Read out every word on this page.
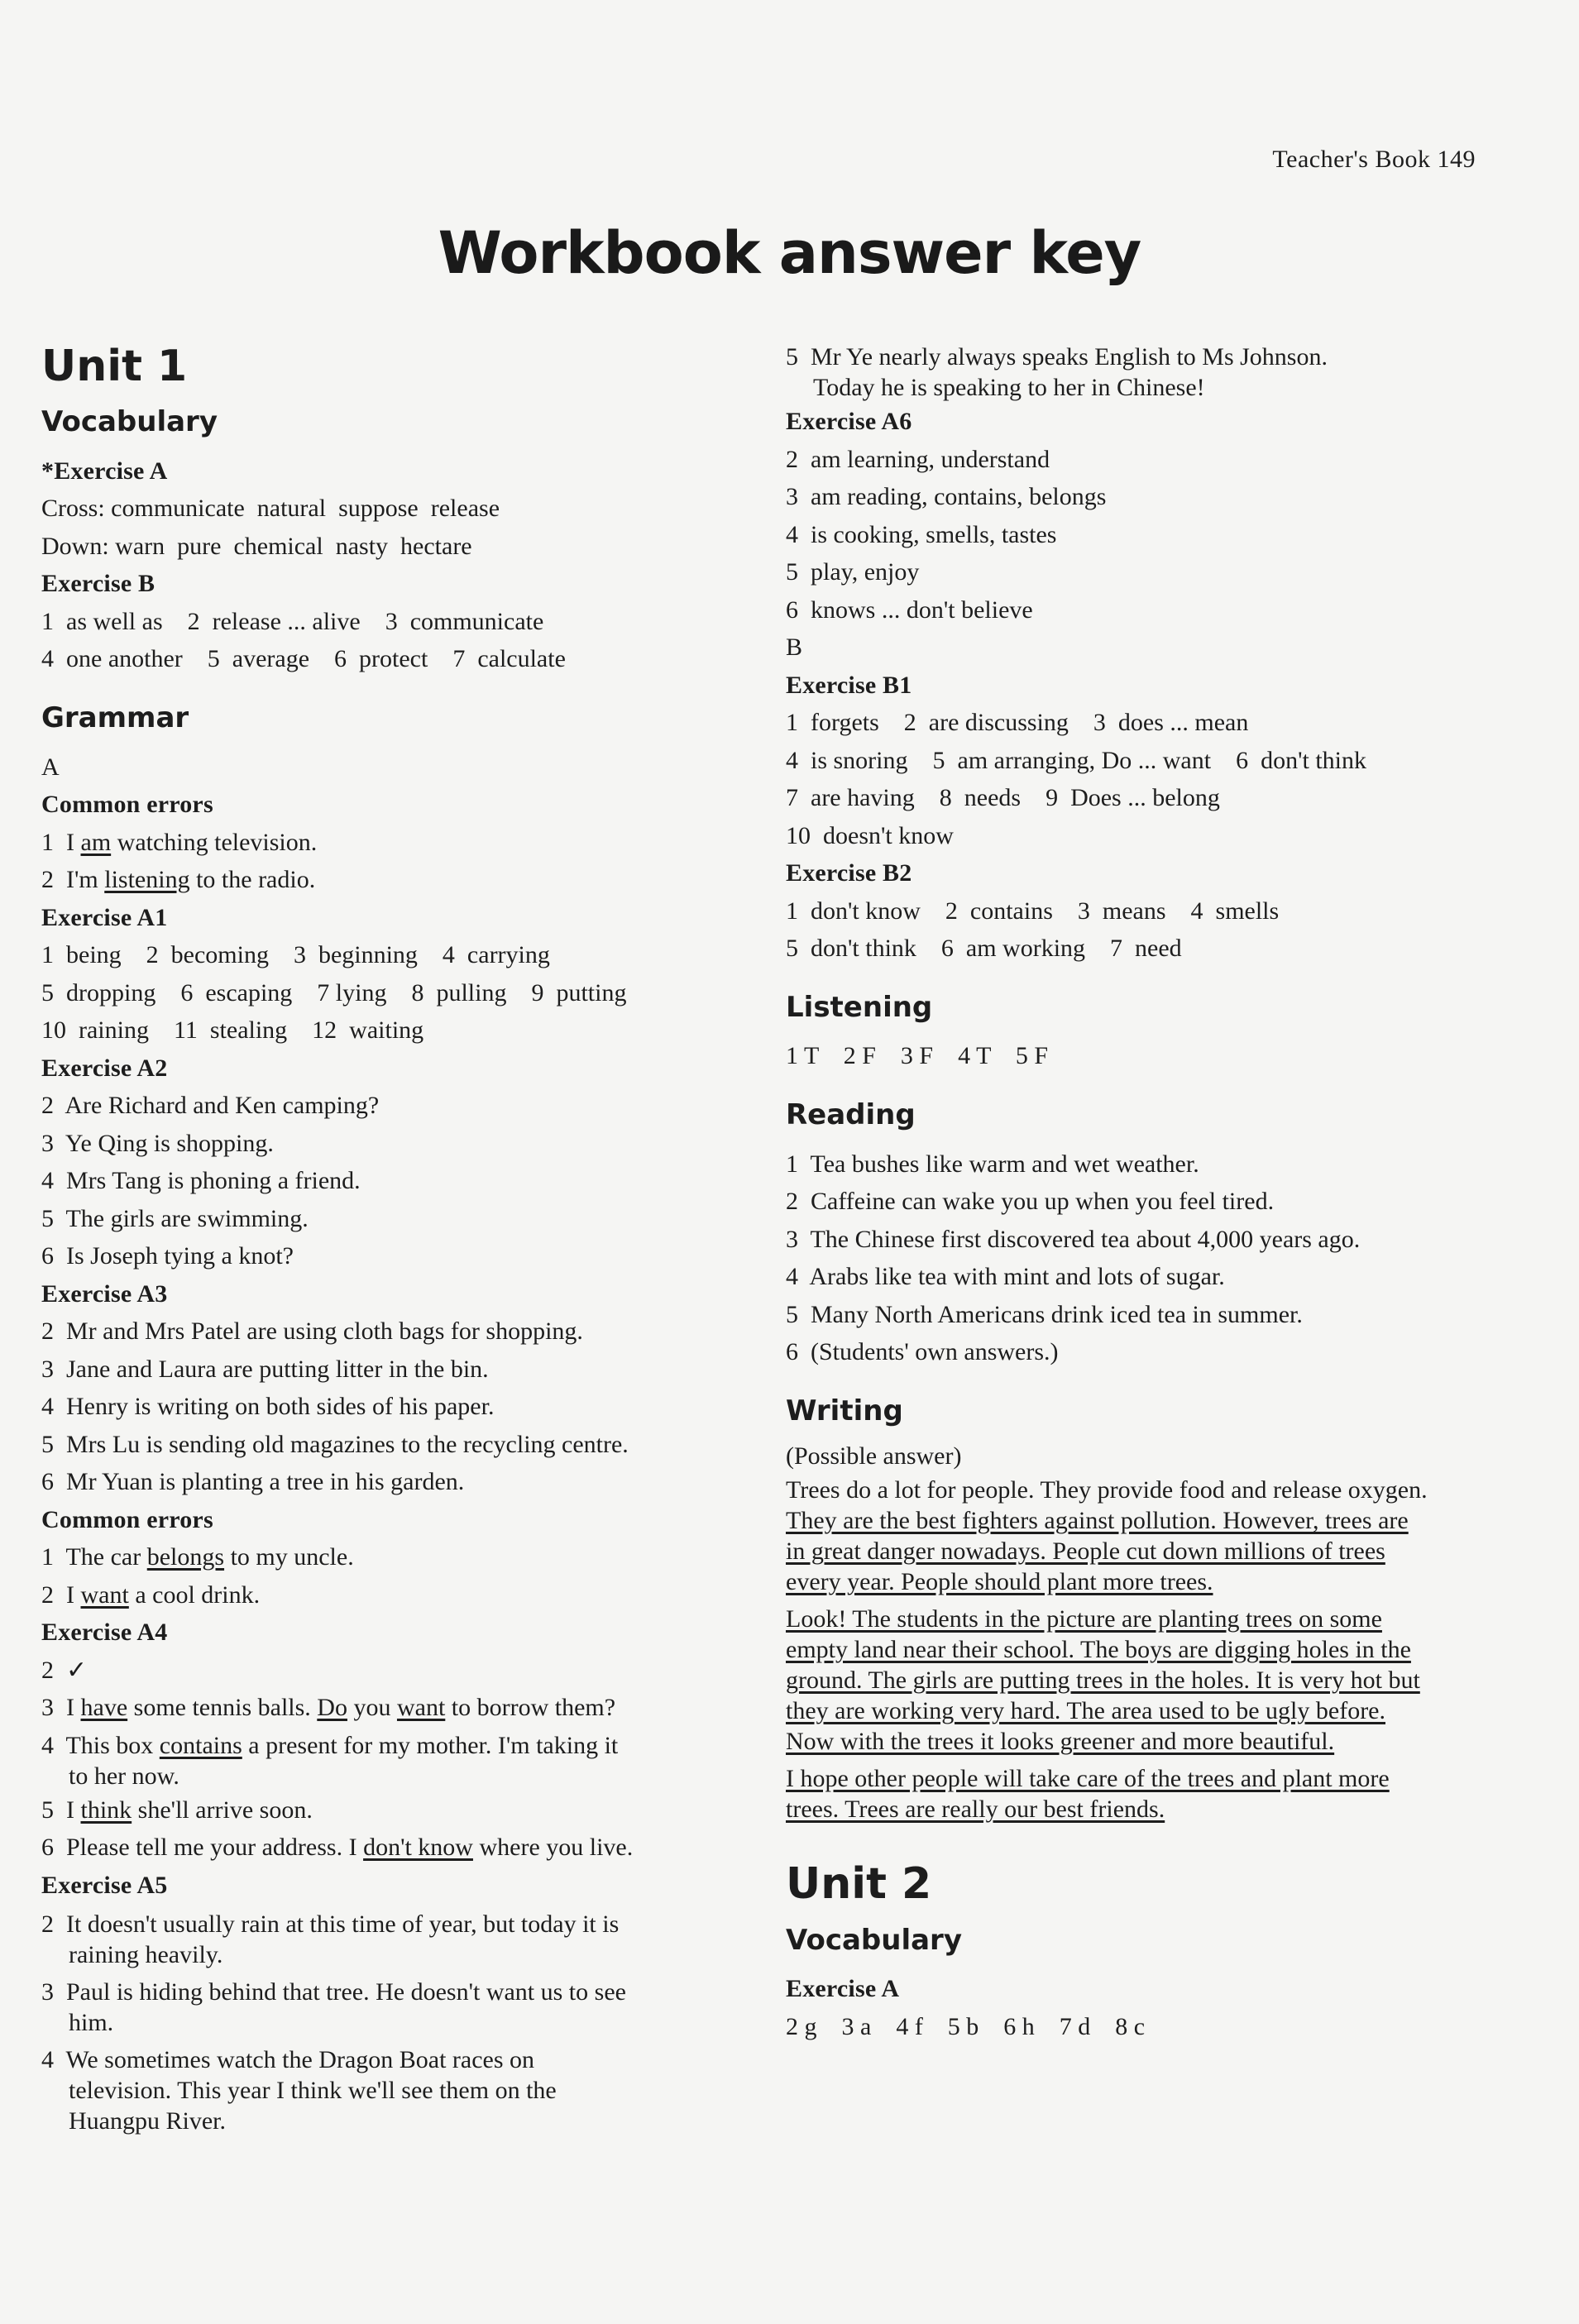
Teacher's Book 149
Workbook answer key
Unit 1
Vocabulary
*Exercise A
Cross: communicate  natural  suppose  release
Down: warn  pure  chemical  nasty  hectare
Exercise B
1  as well as    2  release ... alive    3  communicate
4  one another    5  average    6  protect    7  calculate
Grammar
A
Common errors
1  I am watching television.
2  I'm listening to the radio.
Exercise A1
1  being    2  becoming    3  beginning    4  carrying
5  dropping    6  escaping    7 lying    8  pulling    9  putting
10  raining    11  stealing    12  waiting
Exercise A2
2  Are Richard and Ken camping?
3  Ye Qing is shopping.
4  Mrs Tang is phoning a friend.
5  The girls are swimming.
6  Is Joseph tying a knot?
Exercise A3
2  Mr and Mrs Patel are using cloth bags for shopping.
3  Jane and Laura are putting litter in the bin.
4  Henry is writing on both sides of his paper.
5  Mrs Lu is sending old magazines to the recycling centre.
6  Mr Yuan is planting a tree in his garden.
Common errors
1  The car belongs to my uncle.
2  I want a cool drink.
Exercise A4
2  ✓
3  I have some tennis balls. Do you want to borrow them?
4  This box contains a present for my mother. I'm taking it
to her now.
5  I think she'll arrive soon.
6  Please tell me your address. I don't know where you live.
Exercise A5
2  It doesn't usually rain at this time of year, but today it is
raining heavily.
3  Paul is hiding behind that tree. He doesn't want us to see
him.
4  We sometimes watch the Dragon Boat races on
television. This year I think we'll see them on the
Huangpu River.
5  Mr Ye nearly always speaks English to Ms Johnson.
Today he is speaking to her in Chinese!
Exercise A6
2  am learning, understand
3  am reading, contains, belongs
4  is cooking, smells, tastes
5  play, enjoy
6  knows ... don't believe
B
Exercise B1
1  forgets    2  are discussing    3  does ... mean
4  is snoring    5  am arranging, Do ... want    6  don't think
7  are having    8  needs    9  Does ... belong
10  doesn't know
Exercise B2
1  don't know    2  contains    3  means    4  smells
5  don't think    6  am working    7  need
Listening
1 T    2 F    3 F    4 T    5 F
Reading
1  Tea bushes like warm and wet weather.
2  Caffeine can wake you up when you feel tired.
3  The Chinese first discovered tea about 4,000 years ago.
4  Arabs like tea with mint and lots of sugar.
5  Many North Americans drink iced tea in summer.
6  (Students' own answers.)
Writing

(Possible answer)

Trees do a lot for people. They provide food and release oxygen. They are the best fighters against pollution. However, trees are in great danger nowadays. People cut down millions of trees every year. People should plant more trees.

Look! The students in the picture are planting trees on some empty land near their school. The boys are digging holes in the ground. The girls are putting trees in the holes. It is very hot but they are working very hard. The area used to be ugly before. Now with the trees it looks greener and more beautiful.

I hope other people will take care of the trees and plant more trees. Trees are really our best friends.

Unit 2
Vocabulary
Exercise A
2 g    3 a    4 f    5 b    6 h    7 d    8 c
